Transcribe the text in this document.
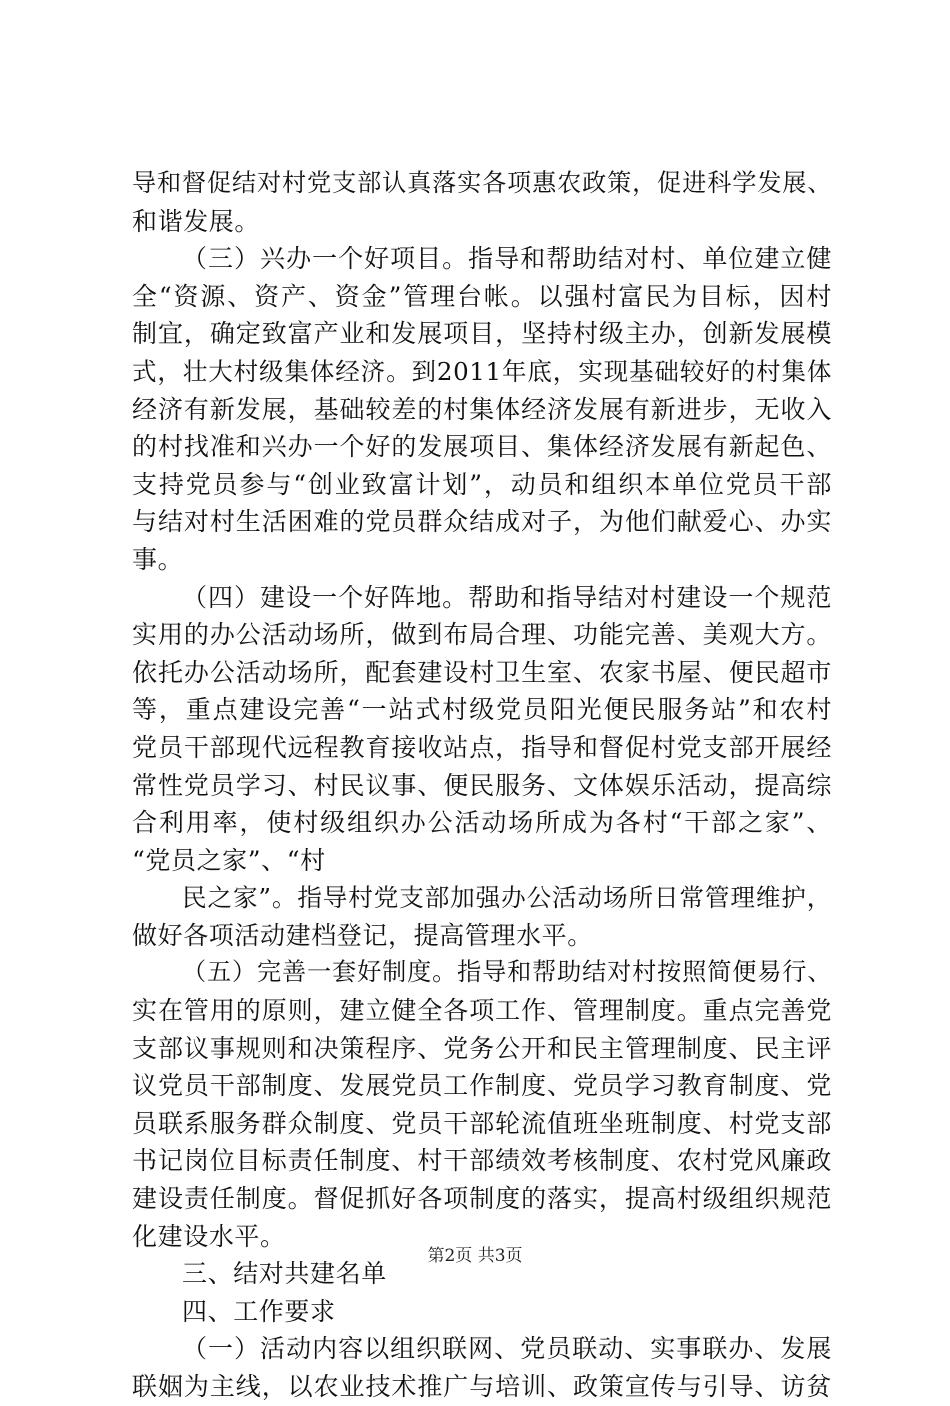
导和督促结对村党支部认真落实各项惠农政策，促进科学发展、
和谐发展。
（三）兴办一个好项目。指导和帮助结对村、单位建立健
全“资源、资产、资金”管理台帐。以强村富民为目标，因村
制宜，确定致富产业和发展项目，坚持村级主办，创新发展模
式，壮大村级集体经济。到2011年底，实现基础较好的村集体
经济有新发展，基础较差的村集体经济发展有新进步，无收入
的村找准和兴办一个好的发展项目、集体经济发展有新起色、
支持党员参与“创业致富计划”，动员和组织本单位党员干部
与结对村生活困难的党员群众结成对子，为他们献爱心、办实
事。
（四）建设一个好阵地。帮助和指导结对村建设一个规范
实用的办公活动场所，做到布局合理、功能完善、美观大方。
依托办公活动场所，配套建设村卫生室、农家书屋、便民超市
等，重点建设完善“一站式村级党员阳光便民服务站”和农村
党员干部现代远程教育接收站点，指导和督促村党支部开展经
常性党员学习、村民议事、便民服务、文体娱乐活动，提高综
合利用率，使村级组织办公活动场所成为各村“干部之家”、
“党员之家”、“村
民之家”。指导村党支部加强办公活动场所日常管理维护，
做好各项活动建档登记，提高管理水平。
（五）完善一套好制度。指导和帮助结对村按照简便易行、
实在管用的原则，建立健全各项工作、管理制度。重点完善党
支部议事规则和决策程序、党务公开和民主管理制度、民主评
议党员干部制度、发展党员工作制度、党员学习教育制度、党
员联系服务群众制度、党员干部轮流值班坐班制度、村党支部
书记岗位目标责任制度、村干部绩效考核制度、农村党风廉政
建设责任制度。督促抓好各项制度的落实，提高村级组织规范
化建设水平。
三、结对共建名单
四、工作要求
（一）活动内容以组织联网、党员联动、实事联办、发展
联姻为主线，以农业技术推广与培训、政策宣传与引导、访贫
第2页 共3页
